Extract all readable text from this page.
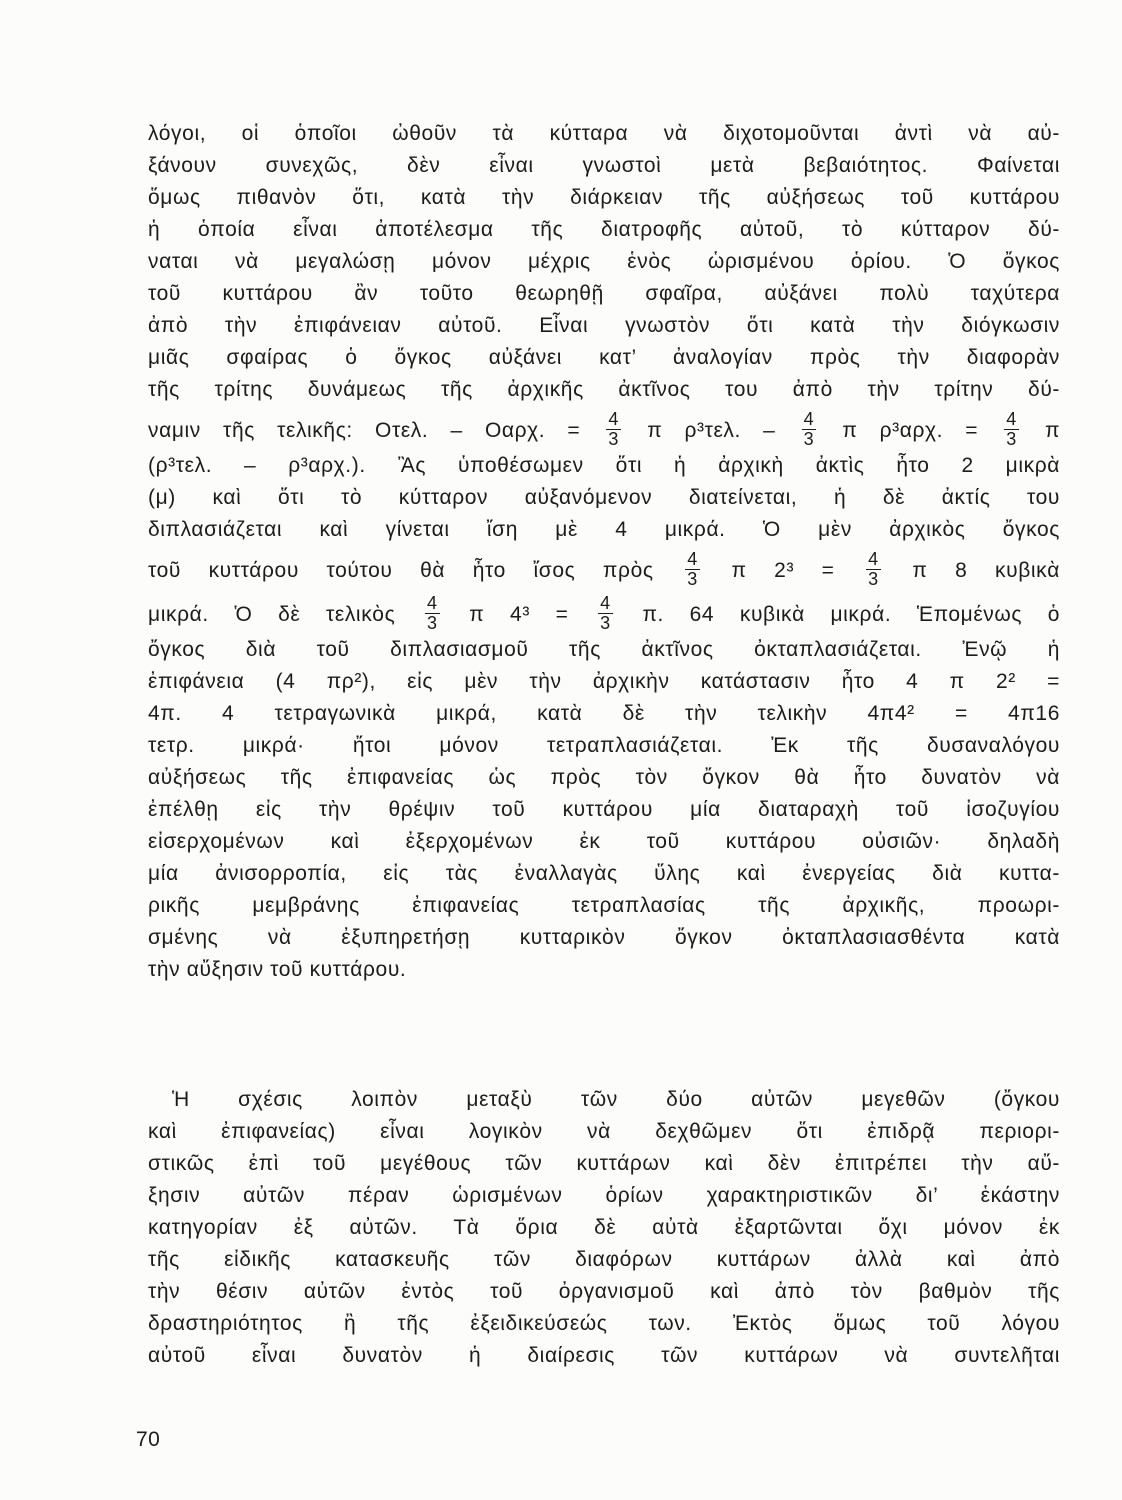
λόγοι, οἱ ὁποῖοι ὠθοῦν τὰ κύτταρα νὰ διχοτομοῦνται ἀντὶ νὰ αὐ-
ξάνουν συνεχῶς, δὲν εἶναι γνωστοὶ μετὰ βεβαιότητος. Φαίνεται
ὅμως πιθανὸν ὅτι, κατὰ τὴν διάρκειαν τῆς αὐξήσεως τοῦ κυττάρου
ἡ ὁποία εἶναι ἀποτέλεσμα τῆς διατροφῆς αὐτοῦ, τὸ κύτταρον δύ-
ναται νὰ μεγαλώσῃ μόνον μέχρις ἑνὸς ὡρισμένου ὁρίου. Ὁ ὄγκος
τοῦ κυττάρου ἂν τοῦτο θεωρηθῇ σφαῖρα, αὐξάνει πολὺ ταχύτερα
ἀπὸ τὴν ἐπιφάνειαν αὐτοῦ. Εἶναι γνωστὸν ὅτι κατὰ τὴν διόγκωσιν
μιᾶς σφαίρας ὁ ὄγκος αὐξάνει κατ’ ἀναλογίαν πρὸς τὴν διαφορὰν
τῆς τρίτης δυνάμεως τῆς ἀρχικῆς ἀκτῖνος του ἀπὸ τὴν τρίτην δύ-
ναμιν τῆς τελικῆς: Oτελ. – Oαρχ. = $\frac{4}{3}$ π ρ³τελ. – $\frac{4}{3}$ π ρ³αρχ. = $\frac{4}{3}$ π
(ρ³τελ. – ρ³αρχ.). Ἂς ὑποθέσωμεν ὅτι ἡ ἀρχικὴ ἀκτὶς ἦτο 2 μικρὰ
(μ) καὶ ὅτι τὸ κύτταρον αὐξανόμενον διατείνεται, ἡ δὲ ἀκτίς του
διπλασιάζεται καὶ γίνεται ἴση μὲ 4 μικρά. Ὁ μὲν ἀρχικὸς ὄγκος
τοῦ κυττάρου τούτου θὰ ἦτο ἴσος πρὸς $\frac{4}{3}$ π $2^3 = \frac{4}{3}$ π 8 κυβικὰ
μικρά. Ὁ δὲ τελικὸς $\frac{4}{3}$ π $4^3 = \frac{4}{3} \pi$. 64 κυβικὰ μικρά. Ἑπομένως ὁ
ὄγκος διὰ τοῦ διπλασιασμοῦ τῆς ἀκτῖνος ὀκταπλασιάζεται. Ἐνῷ ἡ
ἐπιφάνεια (4 πρ²), εἰς μὲν τὴν ἀρχικὴν κατάστασιν ἦτο 4 π 2² =
4π. 4 τετραγωνικὰ μικρά, κατὰ δὲ τὴν τελικὴν 4π4² = 4π16
τετρ. μικρά· ἤτοι μόνον τετραπλασιάζεται. Ἐκ τῆς δυσαναλόγου
αὐξήσεως τῆς ἐπιφανείας ὡς πρὸς τὸν ὄγκον θὰ ἦτο δυνατὸν νὰ
ἐπέλθῃ εἰς τὴν θρέψιν τοῦ κυττάρου μία διαταραχὴ τοῦ ἰσοζυγίου
εἰσερχομένων καὶ ἐξερχομένων ἐκ τοῦ κυττάρου οὐσιῶν· δηλαδὴ
μία ἀνισορροπία, εἰς τὰς ἐναλλαγὰς ὕλης καὶ ἐνεργείας διὰ κυττα-
ρικῆς μεμβράνης ἐπιφανείας τετραπλασίας τῆς ἀρχικῆς, προωρι-
σμένης νὰ ἐξυπηρετήσῃ κυτταρικὸν ὄγκον ὀκταπλασιασθέντα κατὰ
τὴν αὔξησιν τοῦ κυττάρου.
Ἡ σχέσις λοιπὸν μεταξὺ τῶν δύο αὐτῶν μεγεθῶν (ὄγκου
καὶ ἐπιφανείας) εἶναι λογικὸν νὰ δεχθῶμεν ὅτι ἐπιδρᾷ περιορι-
στικῶς ἐπὶ τοῦ μεγέθους τῶν κυττάρων καὶ δὲν ἐπιτρέπει τὴν αὔ-
ξησιν αὐτῶν πέραν ὡρισμένων ὁρίων χαρακτηριστικῶν δι’ ἑκάστην
κατηγορίαν ἐξ αὐτῶν. Τὰ ὅρια δὲ αὐτὰ ἐξαρτῶνται ὄχι μόνον ἐκ
τῆς εἰδικῆς κατασκευῆς τῶν διαφόρων κυττάρων ἀλλὰ καὶ ἀπὸ
τὴν θέσιν αὐτῶν ἐντὸς τοῦ ὀργανισμοῦ καὶ ἀπὸ τὸν βαθμὸν τῆς
δραστηριότητος ἢ τῆς ἐξειδικεύσεώς των. Ἐκτὸς ὅμως τοῦ λόγου
αὐτοῦ εἶναι δυνατὸν ἡ διαίρεσις τῶν κυττάρων νὰ συντελῆται
70
